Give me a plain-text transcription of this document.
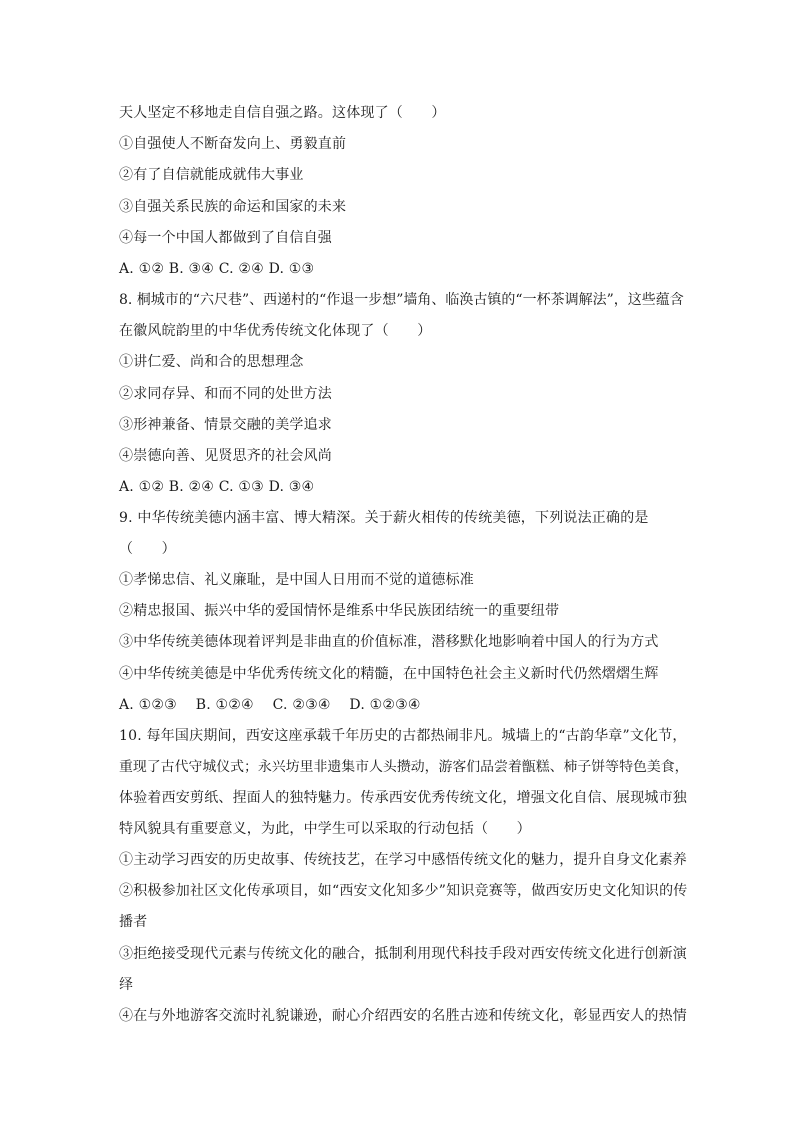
天人坚定不移地走自信自强之路。这体现了（　　）
①自强使人不断奋发向上、勇毅直前
②有了自信就能成就伟大事业
③自强关系民族的命运和国家的未来
④每一个中国人都做到了自信自强
A. ①② B. ③④ C. ②④ D. ①③
8. 桐城市的“六尺巷”、西递村的“作退一步想”墙角、临涣古镇的“一杯茶调解法”，这些蕴含
在徽风皖韵里的中华优秀传统文化体现了（　　）
①讲仁爱、尚和合的思想理念
②求同存异、和而不同的处世方法
③形神兼备、情景交融的美学追求
④崇德向善、见贤思齐的社会风尚
A. ①② B. ②④ C. ①③ D. ③④
9. 中华传统美德内涵丰富、博大精深。关于薪火相传的传统美德，下列说法正确的是
（　　）
①孝悌忠信、礼义廉耻，是中国人日用而不觉的道德标准
②精忠报国、振兴中华的爱国情怀是维系中华民族团结统一的重要纽带
③中华传统美德体现着评判是非曲直的价值标准，潜移默化地影响着中国人的行为方式
④中华传统美德是中华优秀传统文化的精髓，在中国特色社会主义新时代仍然熠熠生辉
A. ①②③　 B. ①②④　 C. ②③④　 D. ①②③④
10. 每年国庆期间，西安这座承载千年历史的古都热闹非凡。城墙上的“古韵华章”文化节，
重现了古代守城仪式；永兴坊里非遗集市人头攒动，游客们品尝着甑糕、柿子饼等特色美食，
体验着西安剪纸、捏面人的独特魅力。传承西安优秀传统文化，增强文化自信、展现城市独
特风貌具有重要意义，为此，中学生可以采取的行动包括（　　）
①主动学习西安的历史故事、传统技艺，在学习中感悟传统文化的魅力，提升自身文化素养
②积极参加社区文化传承项目，如“西安文化知多少”知识竞赛等，做西安历史文化知识的传
播者
③拒绝接受现代元素与传统文化的融合，抵制利用现代科技手段对西安传统文化进行创新演
绎
④在与外地游客交流时礼貌谦逊，耐心介绍西安的名胜古迹和传统文化，彰显西安人的热情
